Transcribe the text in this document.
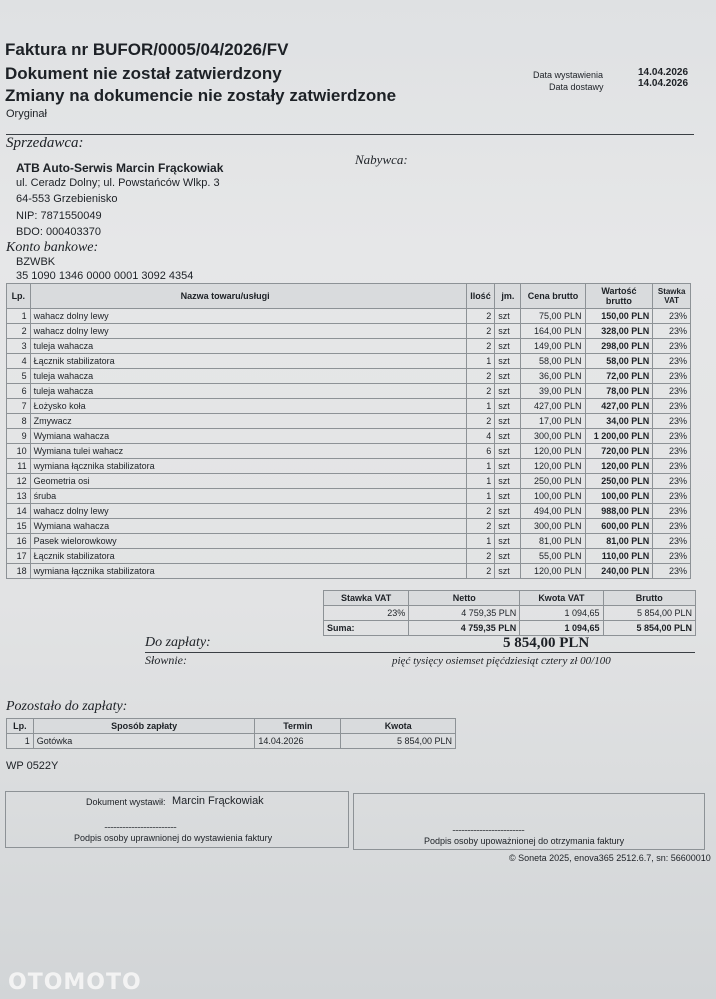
Faktura nr BUFOR/0005/04/2026/FV
Dokument nie został zatwierdzony
Zmiany na dokumencie nie zostały zatwierdzone
Oryginał
Data wystawienia	14.04.2026
Data dostawy	14.04.2026
Sprzedawca:
Nabywca:
ATB Auto-Serwis Marcin Frąckowiak
ul. Ceradz Dolny; ul. Powstańców Wlkp. 3
64-553 Grzebienisko
NIP: 7871550049
BDO: 000403370
Konto bankowe:
BZWBK
35 1090 1346 0000 0001 3092 4354
Lp.	Nazwa towaru/usługi	Ilość	jm.	Cena brutto	Wartość brutto	Stawka VAT
1	wahacz dolny lewy	2	szt	75,00 PLN	150,00 PLN	23%
2	wahacz dolny lewy	2	szt	164,00 PLN	328,00 PLN	23%
3	tuleja wahacza	2	szt	149,00 PLN	298,00 PLN	23%
4	Łącznik stabilizatora	1	szt	58,00 PLN	58,00 PLN	23%
5	tuleja wahacza	2	szt	36,00 PLN	72,00 PLN	23%
6	tuleja wahacza	2	szt	39,00 PLN	78,00 PLN	23%
7	Łożysko koła	1	szt	427,00 PLN	427,00 PLN	23%
8	Zmywacz	2	szt	17,00 PLN	34,00 PLN	23%
9	Wymiana wahacza	4	szt	300,00 PLN	1 200,00 PLN	23%
10	Wymiana tulei wahacz	6	szt	120,00 PLN	720,00 PLN	23%
11	wymiana łącznika stabilizatora	1	szt	120,00 PLN	120,00 PLN	23%
12	Geometria osi	1	szt	250,00 PLN	250,00 PLN	23%
13	śruba	1	szt	100,00 PLN	100,00 PLN	23%
14	wahacz dolny lewy	2	szt	494,00 PLN	988,00 PLN	23%
15	Wymiana wahacza	2	szt	300,00 PLN	600,00 PLN	23%
16	Pasek wielorowkowy	1	szt	81,00 PLN	81,00 PLN	23%
17	Łącznik stabilizatora	2	szt	55,00 PLN	110,00 PLN	23%
18	wymiana łącznika stabilizatora	2	szt	120,00 PLN	240,00 PLN	23%
Stawka VAT	Netto	Kwota VAT	Brutto
23%	4 759,35 PLN	1 094,65	5 854,00 PLN
Suma:	4 759,35 PLN	1 094,65	5 854,00 PLN
Do zapłaty:	5 854,00 PLN
Słownie:	pięć tysięcy osiemset pięćdziesiąt cztery zł 00/100
Pozostało do zapłaty:
Lp.	Sposób zapłaty	Termin	Kwota
1	Gotówka	14.04.2026	5 854,00 PLN
WP 0522Y
Dokument wystawił: Marcin Frąckowiak
................................................
Podpis osoby uprawnionej do wystawienia faktury
................................................
Podpis osoby upoważnionej do otrzymania faktury
© Soneta 2025, enova365 2512.6.7, sn: 56600010
OTOMOTO
